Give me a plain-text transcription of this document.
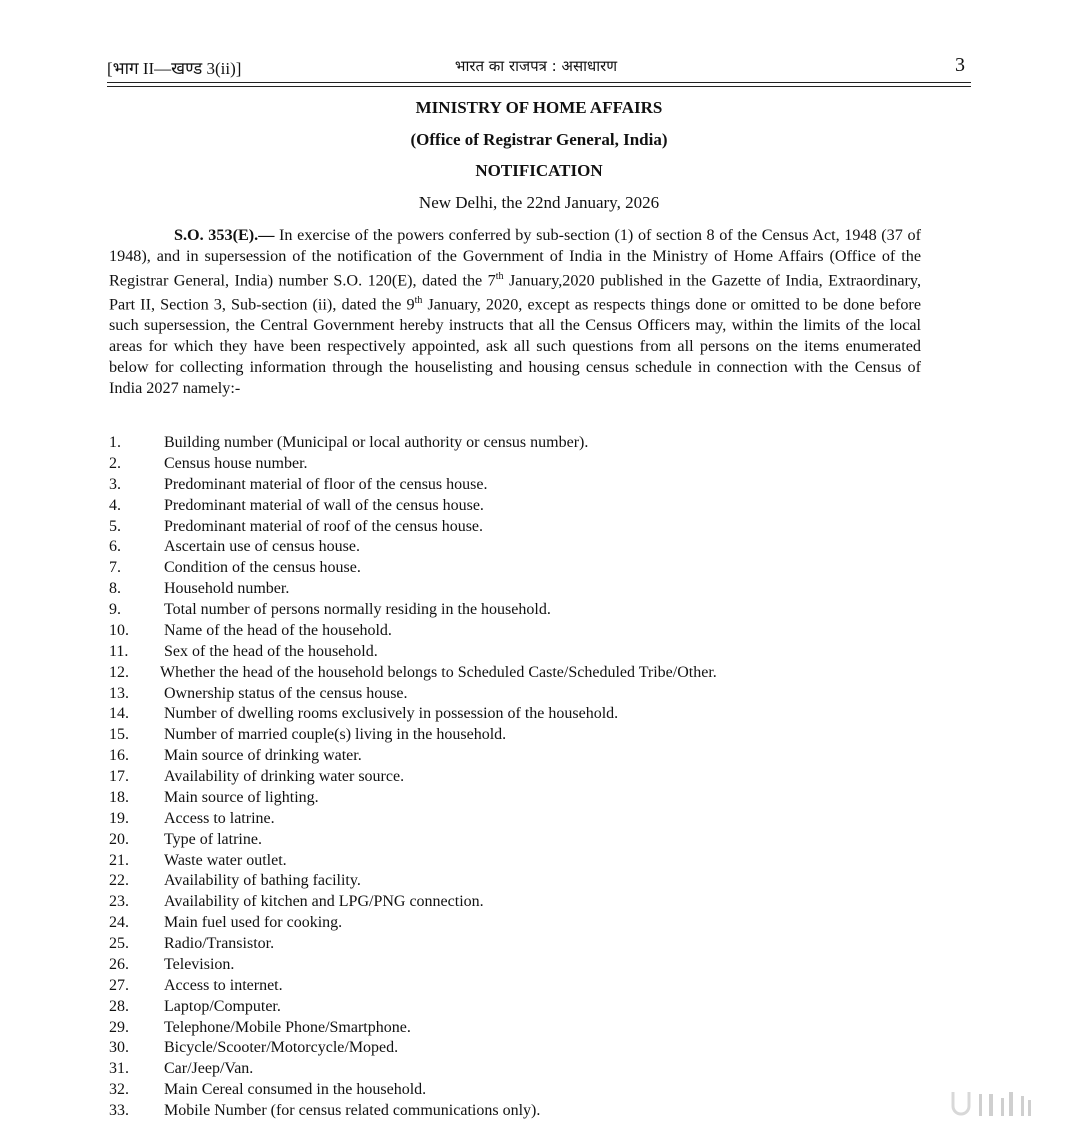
[भाग II—खण्ड 3(ii)]	भारत का राजपत्र : असाधारण	3
MINISTRY OF HOME AFFAIRS
(Office of Registrar General, India)
NOTIFICATION
New Delhi, the 22nd January, 2026
S.O. 353(E).— In exercise of the powers conferred by sub-section (1) of section 8 of the Census Act, 1948 (37 of 1948), and in supersession of the notification of the Government of India in the Ministry of Home Affairs (Office of the Registrar General, India) number S.O. 120(E), dated the 7th January,2020 published in the Gazette of India, Extraordinary, Part II, Section 3, Sub-section (ii), dated the 9th January, 2020, except as respects things done or omitted to be done before such supersession, the Central Government hereby instructs that all the Census Officers may, within the limits of the local areas for which they have been respectively appointed, ask all such questions from all persons on the items enumerated below for collecting information through the houselisting and housing census schedule in connection with the Census of India 2027 namely:-
1.	Building number (Municipal or local authority or census number).
2.	Census house number.
3.	Predominant material of floor of the census house.
4.	Predominant material of wall of the census house.
5.	Predominant material of roof of the census house.
6.	Ascertain use of census house.
7.	Condition of the census house.
8.	Household number.
9.	Total number of persons normally residing in the household.
10. Name of the head of the household.
11. Sex of the head of the household.
12. Whether the head of the household belongs to Scheduled Caste/Scheduled Tribe/Other.
13. Ownership status of the census house.
14. Number of dwelling rooms exclusively in possession of the household.
15. Number of married couple(s) living in the household.
16. Main source of drinking water.
17. Availability of drinking water source.
18. Main source of lighting.
19. Access to latrine.
20. Type of latrine.
21. Waste water outlet.
22. Availability of bathing facility.
23. Availability of kitchen and LPG/PNG connection.
24. Main fuel used for cooking.
25. Radio/Transistor.
26. Television.
27. Access to internet.
28. Laptop/Computer.
29. Telephone/Mobile Phone/Smartphone.
30. Bicycle/Scooter/Motorcycle/Moped.
31. Car/Jeep/Van.
32. Main Cereal consumed in the household.
33. Mobile Number (for census related communications only).
